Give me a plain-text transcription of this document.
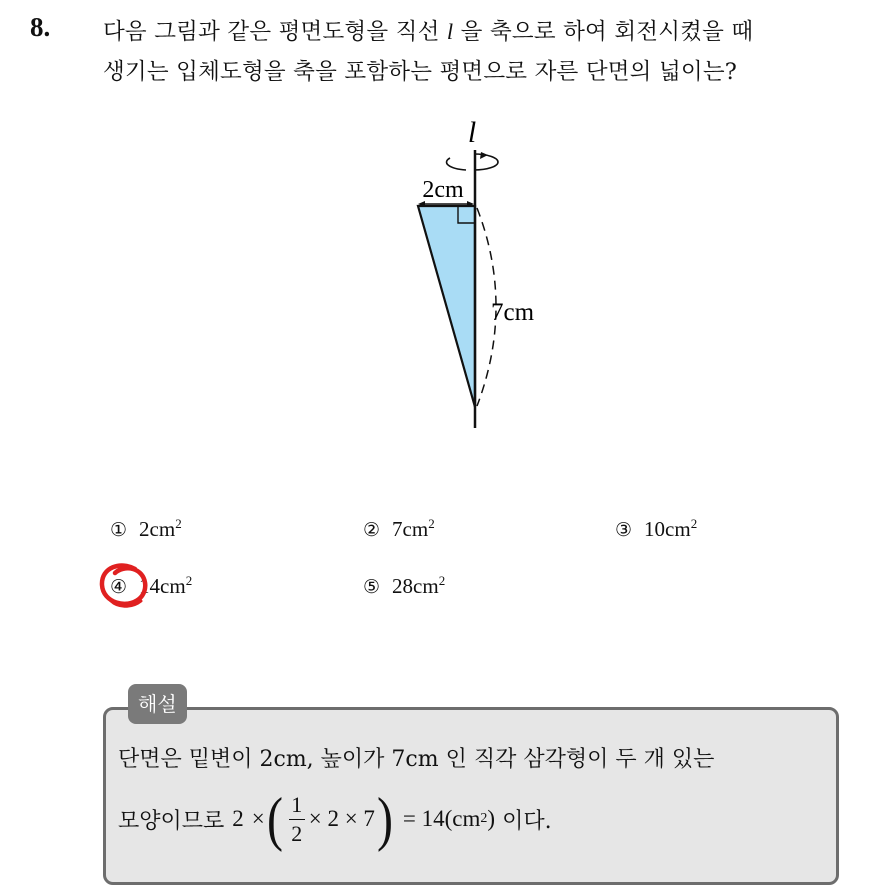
8. 다음 그림과 같은 평면도형을 직선 l 을 축으로 하여 회전시켰을 때
생기는 입체도형을 축을 포함하는 평면으로 자른 단면의 넓이는?
l
2cm
7cm
① $2cm^2$	② $7cm^2$	③ $10cm^2$
④ $14cm^2$	⑤ $28cm^2$
해설
단면은 밑변이 2cm, 높이가 7cm 인 직각 삼각형이 두 개 있는
모양이므로 2 × ( $\frac{1}{2} \times 2 \times 7$ ) = 14(cm 2 ) 이다.
